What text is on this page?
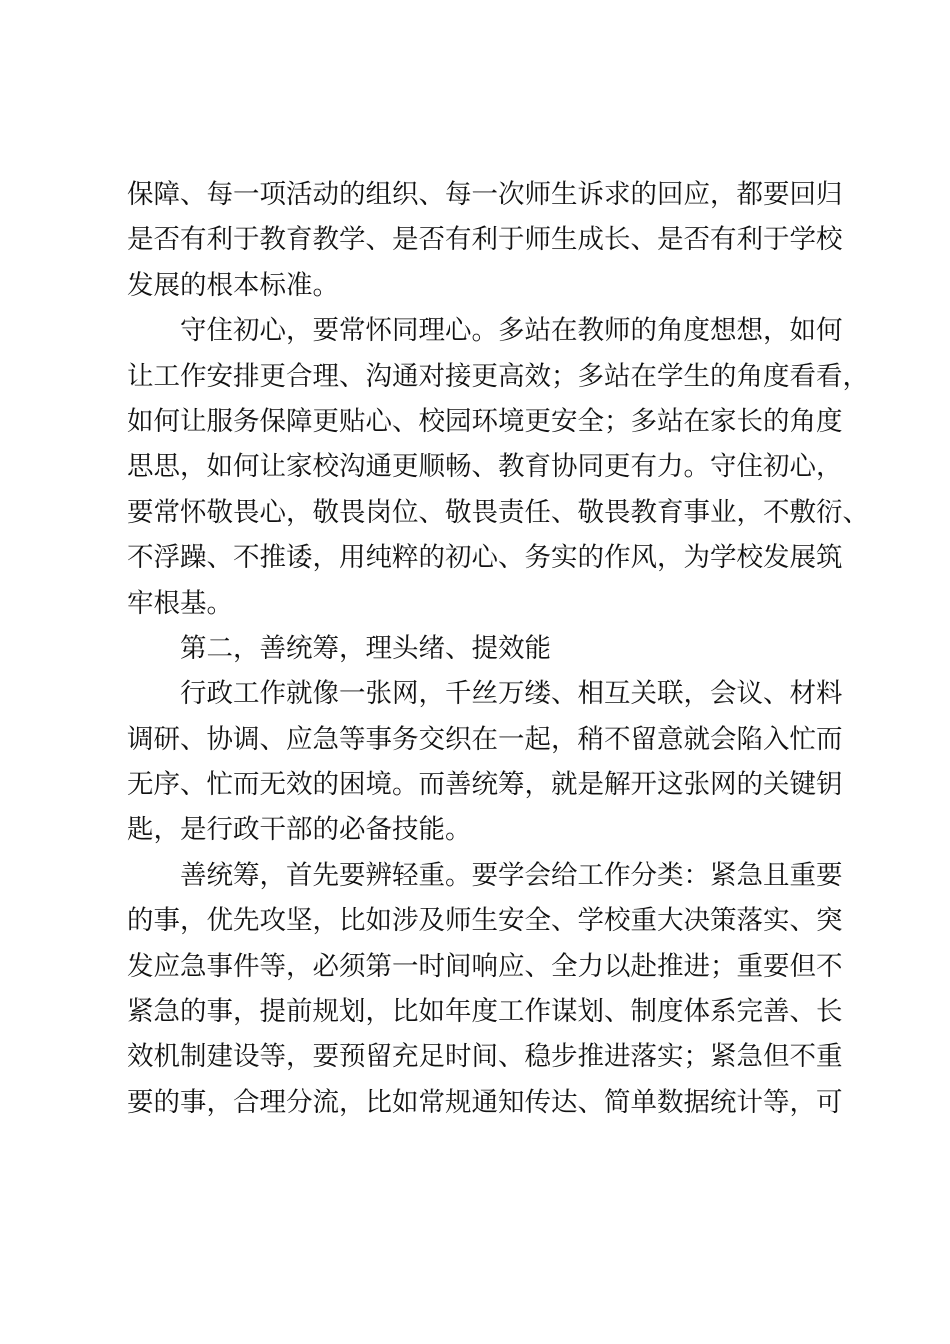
保障、每一项活动的组织、每一次师生诉求的回应，都要回归
是否有利于教育教学、是否有利于师生成长、是否有利于学校
发展的根本标准。
守住初心，要常怀同理心。多站在教师的角度想想，如何
让工作安排更合理、沟通对接更高效；多站在学生的角度看看，
如何让服务保障更贴心、校园环境更安全；多站在家长的角度
思思，如何让家校沟通更顺畅、教育协同更有力。守住初心，
要常怀敬畏心，敬畏岗位、敬畏责任、敬畏教育事业，不敷衍、
不浮躁、不推诿，用纯粹的初心、务实的作风，为学校发展筑
牢根基。
第二，善统筹，理头绪、提效能
行政工作就像一张网，千丝万缕、相互关联，会议、材料
调研、协调、应急等事务交织在一起，稍不留意就会陷入忙而
无序、忙而无效的困境。而善统筹，就是解开这张网的关键钥
匙，是行政干部的必备技能。
善统筹，首先要辨轻重。要学会给工作分类：紧急且重要
的事，优先攻坚，比如涉及师生安全、学校重大决策落实、突
发应急事件等，必须第一时间响应、全力以赴推进；重要但不
紧急的事，提前规划，比如年度工作谋划、制度体系完善、长
效机制建设等，要预留充足时间、稳步推进落实；紧急但不重
要的事，合理分流，比如常规通知传达、简单数据统计等，可
